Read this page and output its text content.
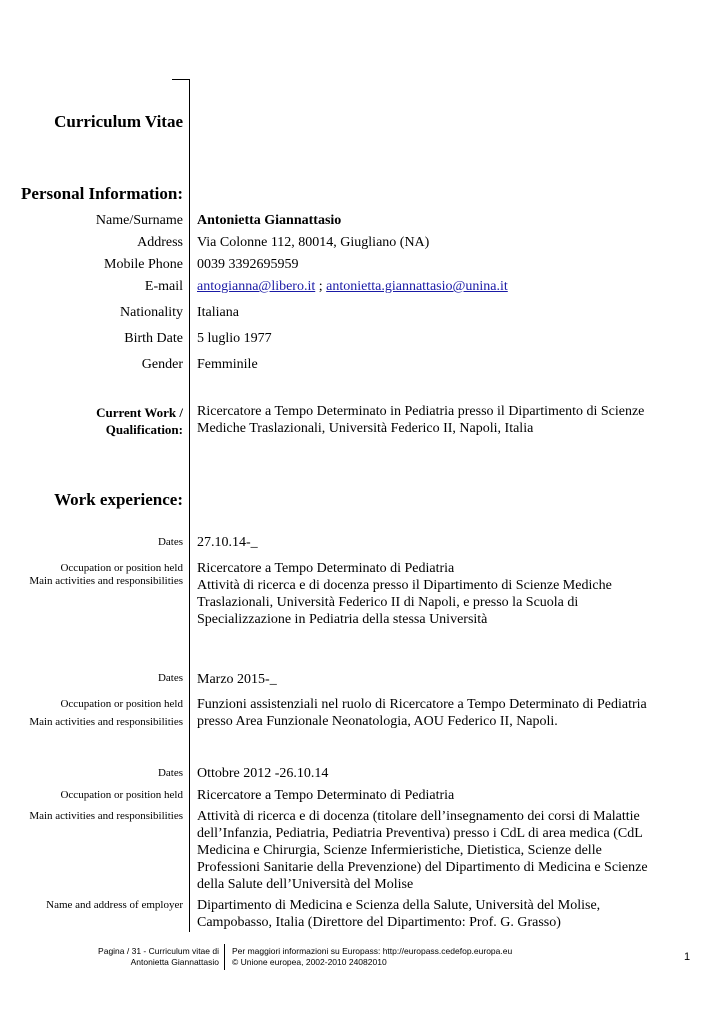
Curriculum Vitae
Personal Information:
Name/Surname Antonietta Giannattasio
Address Via Colonne 112, 80014, Giugliano (NA)
Mobile Phone 0039 3392695959
E-mail antogianna@libero.it ; antonietta.giannattasio@unina.it
Nationality Italiana
Birth Date 5 luglio 1977
Gender Femminile
Current Work /
Qualification:
Ricercatore a Tempo Determinato in Pediatria presso il Dipartimento di Scienze
Mediche Traslazionali, Università Federico II, Napoli, Italia
Work experience:
Dates 27.10.14-_
Occupation or position held
Main activities and responsibilities
Ricercatore a Tempo Determinato di Pediatria
Attività di ricerca e di docenza presso il Dipartimento di Scienze Mediche
Traslazionali, Università Federico II di Napoli, e presso la Scuola di
Specializzazione in Pediatria della stessa Università
Dates Marzo 2015-_
Occupation or position held
Main activities and responsibilities
Funzioni assistenziali nel ruolo di Ricercatore a Tempo Determinato di Pediatria
presso Area Funzionale Neonatologia, AOU Federico II, Napoli.
Dates Ottobre 2012 -26.10.14
Occupation or position held Ricercatore a Tempo Determinato di Pediatria
Main activities and responsibilities Attività di ricerca e di docenza (titolare dell’insegnamento dei corsi di Malattie
dell’Infanzia, Pediatria, Pediatria Preventiva) presso i CdL di area medica (CdL
Medicina e Chirurgia, Scienze Infermieristiche, Dietistica, Scienze delle
Professioni Sanitarie della Prevenzione) del Dipartimento di Medicina e Scienze
della Salute dell’Università del Molise
Name and address of employer Dipartimento di Medicina e Scienza della Salute, Università del Molise,
Campobasso, Italia (Direttore del Dipartimento: Prof. G. Grasso)
Pagina / 31 - Curriculum vitae di
Antonietta Giannattasio
Per maggiori informazioni su Europass: http://europass.cedefop.europa.eu
© Unione europea, 2002-2010 24082010	1
